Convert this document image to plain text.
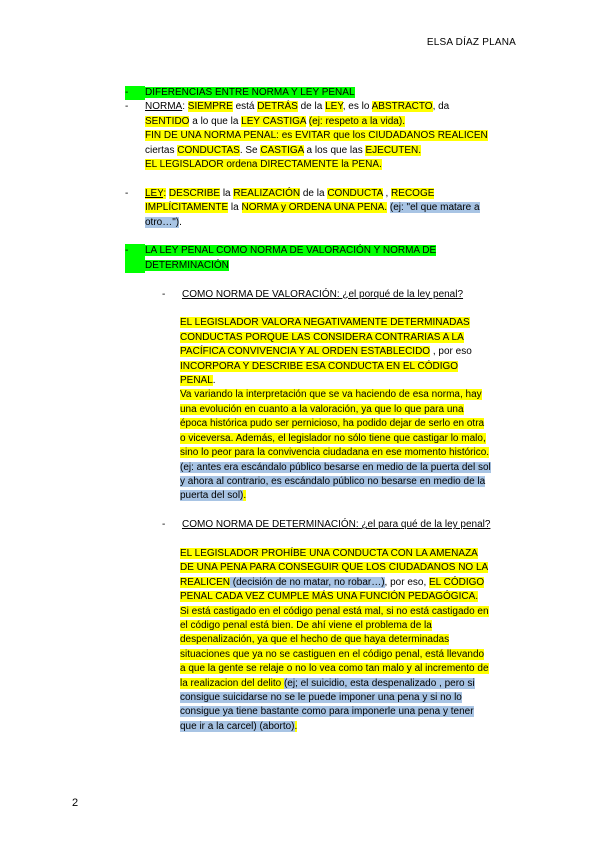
ELSA DÍAZ PLANA
-	DIFERENCIAS ENTRE NORMA Y LEY PENAL
-	NORMA: SIEMPRE está DETRÁS de la LEY, es lo ABSTRACTO, da
SENTIDO a lo que la LEY CASTIGA (ej: respeto a la vida).
FIN DE UNA NORMA PENAL: es EVITAR que los CIUDADANOS REALICEN
ciertas CONDUCTAS. Se CASTIGA a los que las EJECUTEN.
EL LEGISLADOR ordena DIRECTAMENTE la PENA.
-	LEY: DESCRIBE la REALIZACIÓN de la CONDUCTA , RECOGE
IMPLÍCITAMENTE la NORMA y ORDENA UNA PENA. (ej: "el que matare a
otro…").
-	LA LEY PENAL COMO NORMA DE VALORACIÓN Y NORMA DE
DETERMINACIÓN
-	COMO NORMA DE VALORACIÓN: ¿el porqué de la ley penal?
EL LEGISLADOR VALORA NEGATIVAMENTE DETERMINADAS
CONDUCTAS PORQUE LAS CONSIDERA CONTRARIAS A LA
PACÍFICA CONVIVENCIA Y AL ORDEN ESTABLECIDO , por eso
INCORPORA Y DESCRIBE ESA CONDUCTA EN EL CÓDIGO
PENAL.
Va variando la interpretación que se va haciendo de esa norma, hay
una evolución en cuanto a la valoración, ya que lo que para una
época histórica pudo ser pernicioso, ha podido dejar de serlo en otra
o viceversa. Además, el legislador no sólo tiene que castigar lo malo,
sino lo peor para la convivencia ciudadana en ese momento histórico.
(ej: antes era escándalo público besarse en medio de la puerta del sol
y ahora al contrario, es escándalo público no besarse en medio de la
puerta del sol).
-	COMO NORMA DE DETERMINACIÓN: ¿el para qué de la ley penal?
EL LEGISLADOR PROHÍBE UNA CONDUCTA CON LA AMENAZA
DE UNA PENA PARA CONSEGUIR QUE LOS CIUDADANOS NO LA
REALICEN (decisión de no matar, no robar…), por eso, EL CÓDIGO
PENAL CADA VEZ CUMPLE MÁS UNA FUNCIÓN PEDAGÓGICA.
Si está castigado en el código penal está mal, si no está castigado en
el código penal está bien. De ahí viene el problema de la
despenalización, ya que el hecho de que haya determinadas
situaciones que ya no se castiguen en el código penal, está llevando
a que la gente se relaje o no lo vea como tan malo y al incremento de
la realizacion del delito (ej; el suicidio, esta despenalizado , pero si
consigue suicidarse no se le puede imponer una pena y si no lo
consigue ya tiene bastante como para imponerle una pena y tener
que ir a la carcel) (aborto).
2
